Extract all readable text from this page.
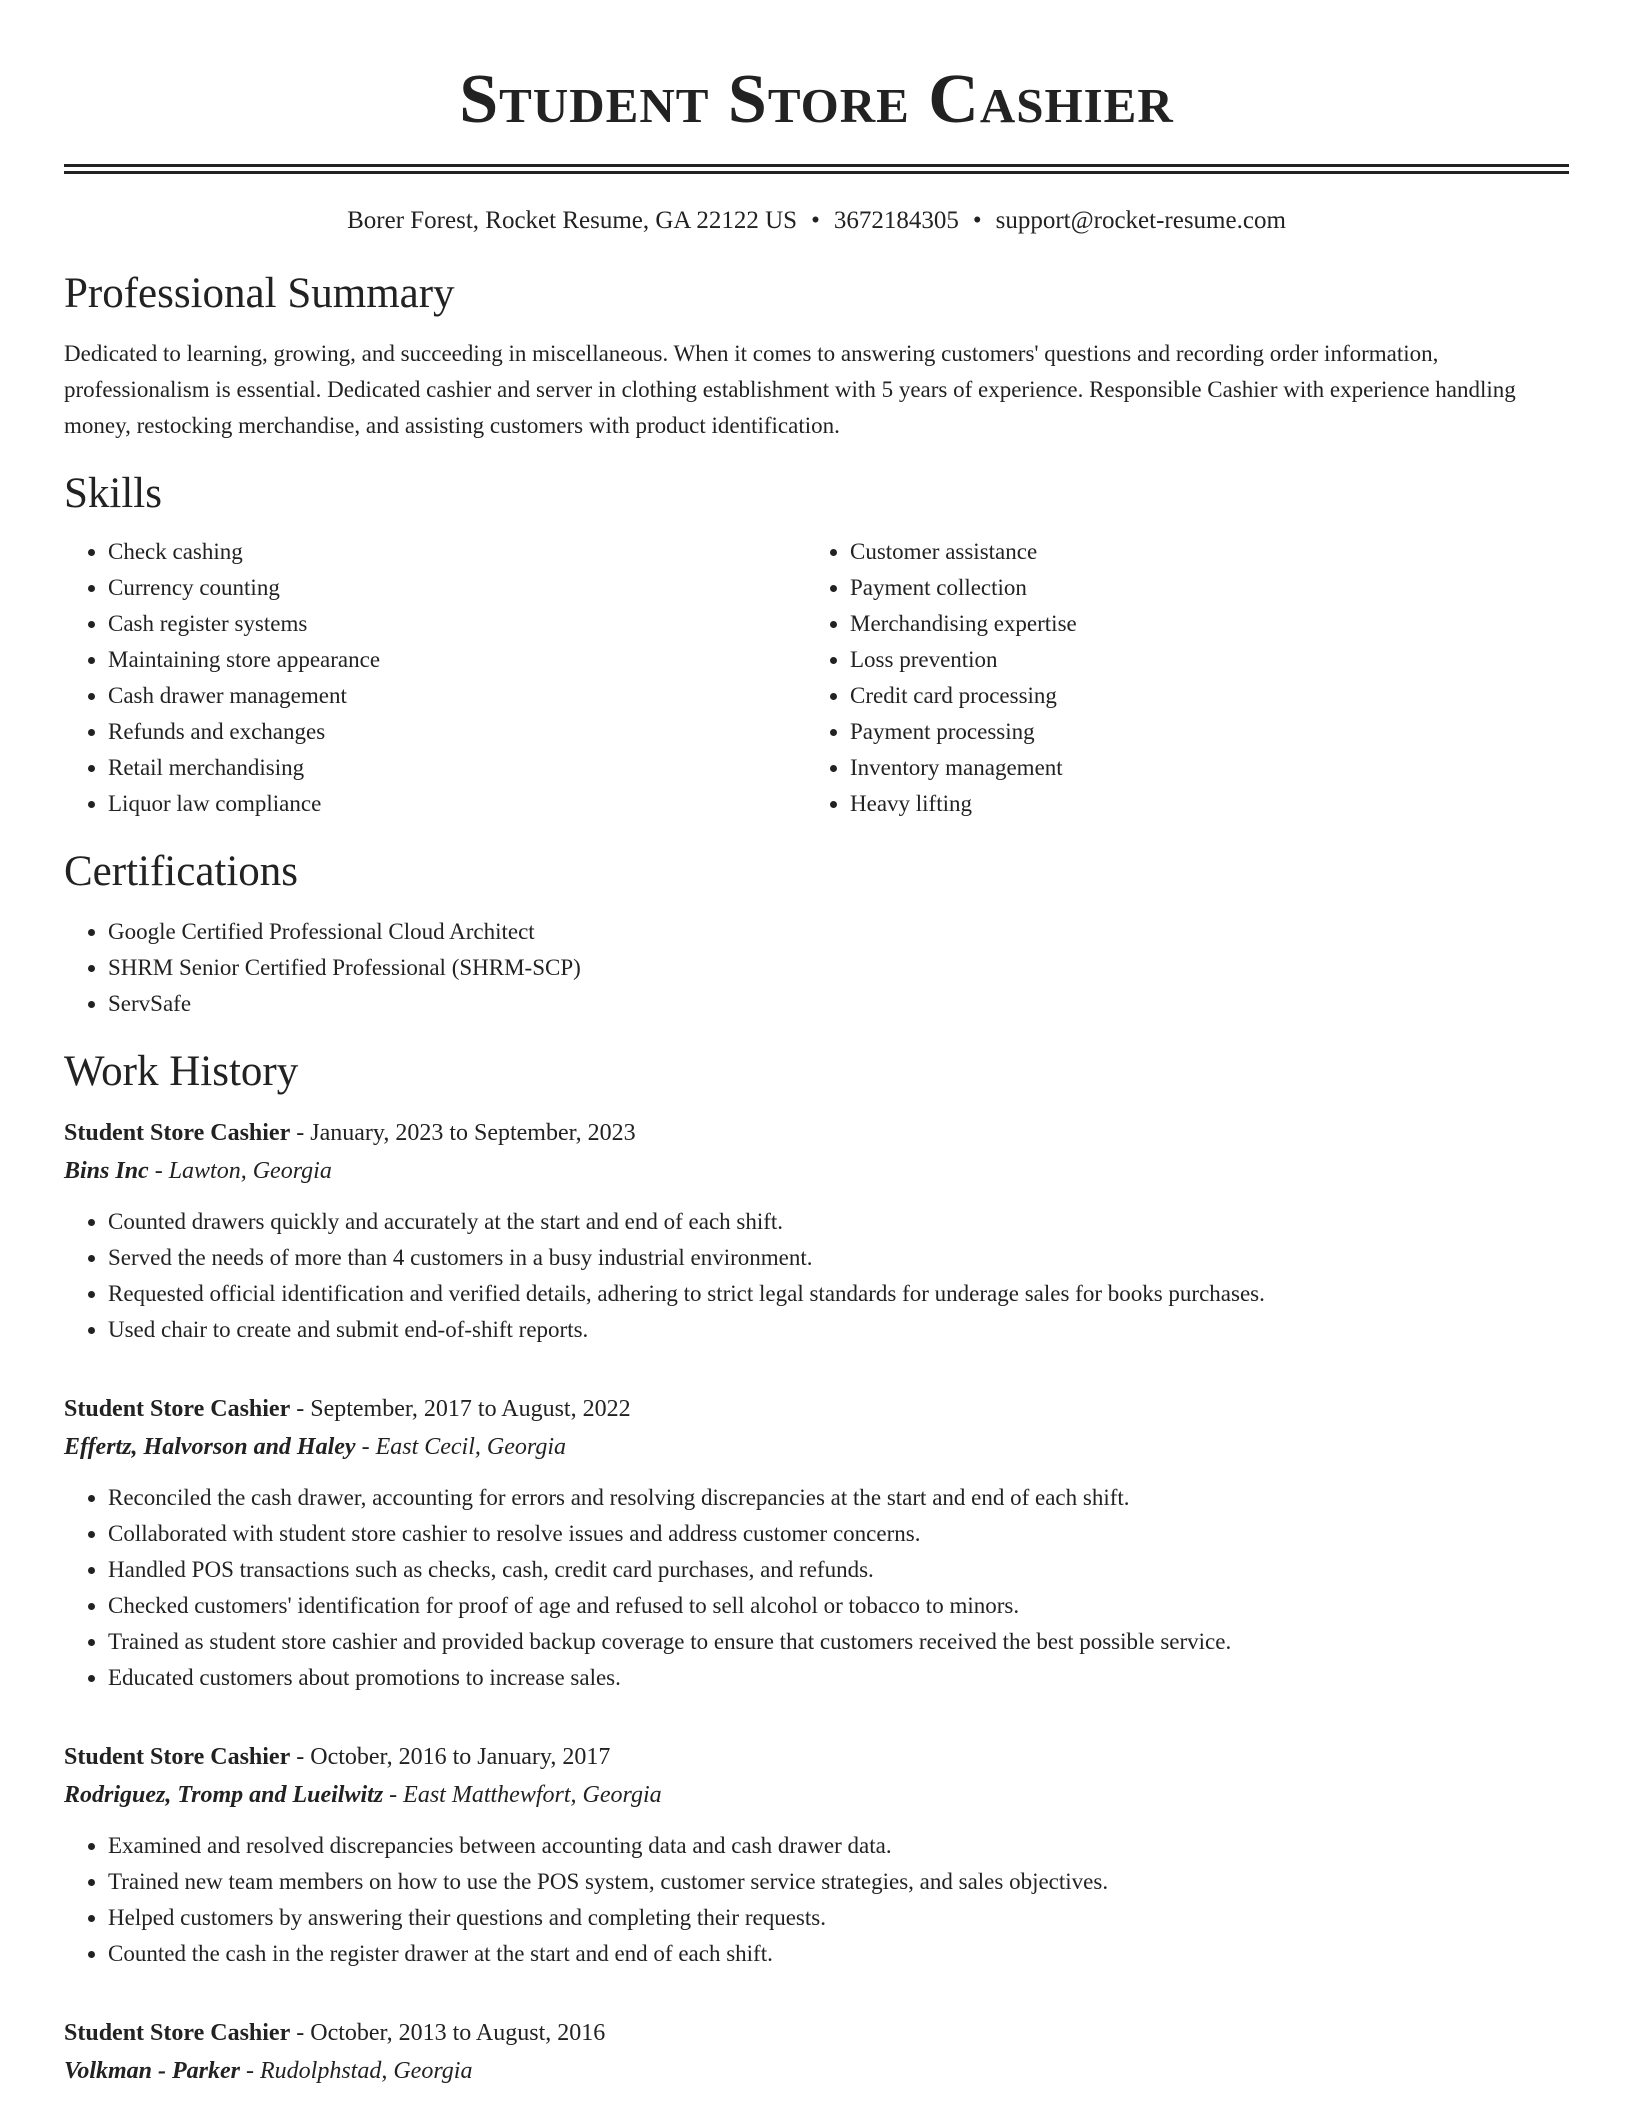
Student Store Cashier
Borer Forest, Rocket Resume, GA 22122 US • 3672184305 • support@rocket-resume.com
Professional Summary

Dedicated to learning, growing, and succeeding in miscellaneous. When it comes to answering customers' questions and recording order information, professionalism is essential. Dedicated cashier and server in clothing establishment with 5 years of experience. Responsible Cashier with experience handling money, restocking merchandise, and assisting customers with product identification.

Skills
• Check cashing
• Currency counting
• Cash register systems
• Maintaining store appearance
• Cash drawer management
• Refunds and exchanges
• Retail merchandising
• Liquor law compliance
• Customer assistance
• Payment collection
• Merchandising expertise
• Loss prevention
• Credit card processing
• Payment processing
• Inventory management
• Heavy lifting
Certifications
• Google Certified Professional Cloud Architect
• SHRM Senior Certified Professional (SHRM-SCP)
• ServSafe
Work History
Student Store Cashier - January, 2023 to September, 2023
Bins Inc - Lawton, Georgia
• Counted drawers quickly and accurately at the start and end of each shift.
• Served the needs of more than 4 customers in a busy industrial environment.
• Requested official identification and verified details, adhering to strict legal standards for underage sales for books purchases.
• Used chair to create and submit end-of-shift reports.
Student Store Cashier - September, 2017 to August, 2022
Effertz, Halvorson and Haley - East Cecil, Georgia
• Reconciled the cash drawer, accounting for errors and resolving discrepancies at the start and end of each shift.
• Collaborated with student store cashier to resolve issues and address customer concerns.
• Handled POS transactions such as checks, cash, credit card purchases, and refunds.
• Checked customers' identification for proof of age and refused to sell alcohol or tobacco to minors.
• Trained as student store cashier and provided backup coverage to ensure that customers received the best possible service.
• Educated customers about promotions to increase sales.
Student Store Cashier - October, 2016 to January, 2017
Rodriguez, Tromp and Lueilwitz - East Matthewfort, Georgia
• Examined and resolved discrepancies between accounting data and cash drawer data.
• Trained new team members on how to use the POS system, customer service strategies, and sales objectives.
• Helped customers by answering their questions and completing their requests.
• Counted the cash in the register drawer at the start and end of each shift.
Student Store Cashier - October, 2013 to August, 2016
Volkman - Parker - Rudolphstad, Georgia
